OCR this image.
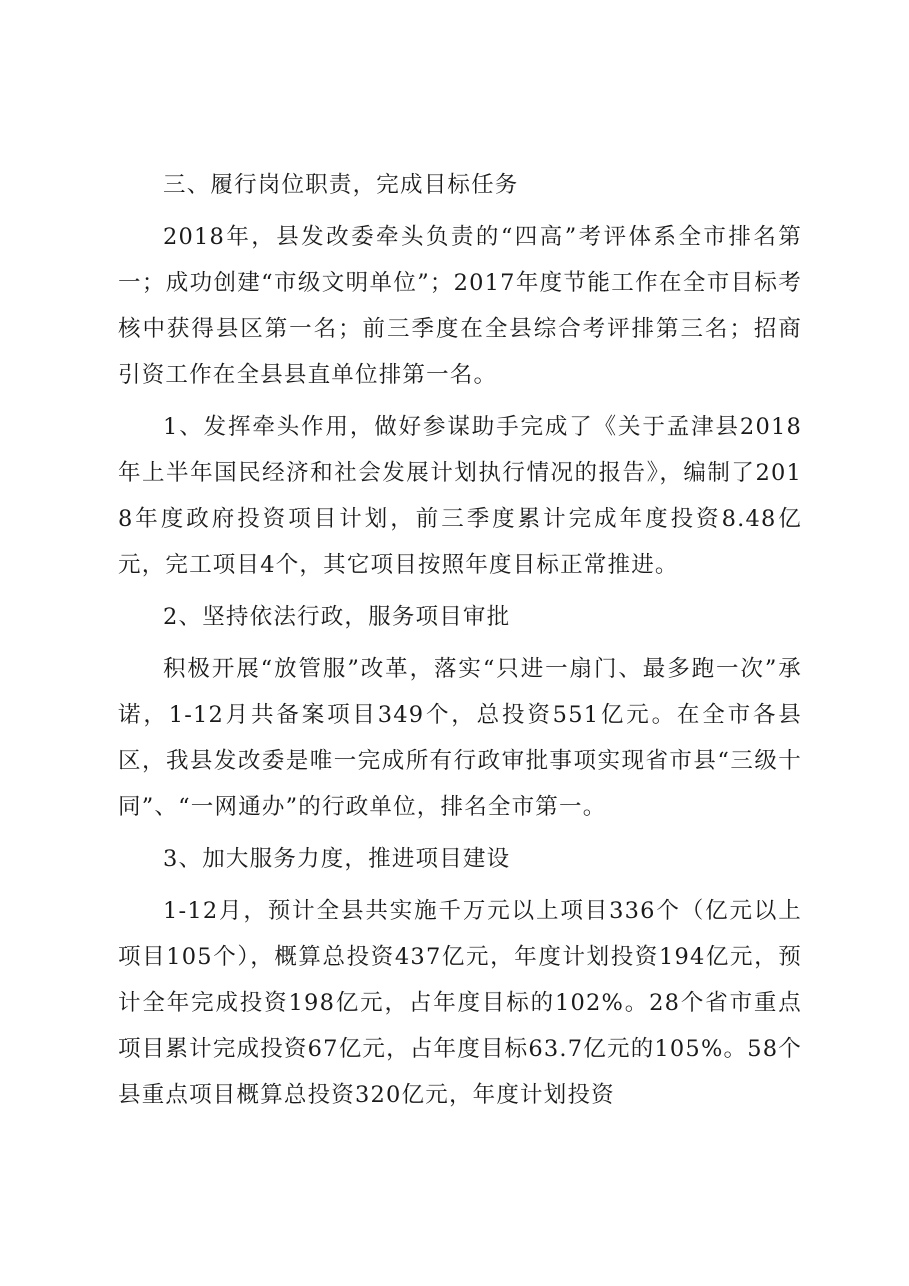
三、履行岗位职责，完成目标任务

2018年，县发改委牵头负责的“四高”考评体系全市排名第一；成功创建“市级文明单位”；2017年度节能工作在全市目标考核中获得县区第一名；前三季度在全县综合考评排第三名；招商引资工作在全县县直单位排第一名。

1、发挥牵头作用，做好参谋助手完成了《关于孟津县2018年上半年国民经济和社会发展计划执行情况的报告》，编制了2018年度政府投资项目计划，前三季度累计完成年度投资8.48亿元，完工项目4个，其它项目按照年度目标正常推进。

2、坚持依法行政，服务项目审批

积极开展“放管服”改革，落实“只进一扇门、最多跑一次”承诺，1-12月共备案项目349个，总投资551亿元。在全市各县区，我县发改委是唯一完成所有行政审批事项实现省市县“三级十同”、“一网通办”的行政单位，排名全市第一。

3、加大服务力度，推进项目建设

1-12月，预计全县共实施千万元以上项目336个（亿元以上项目105个），概算总投资437亿元，年度计划投资194亿元，预计全年完成投资198亿元，占年度目标的102%。28个省市重点项目累计完成投资67亿元，占年度目标63.7亿元的105%。58个县重点项目概算总投资320亿元，年度计划投资
